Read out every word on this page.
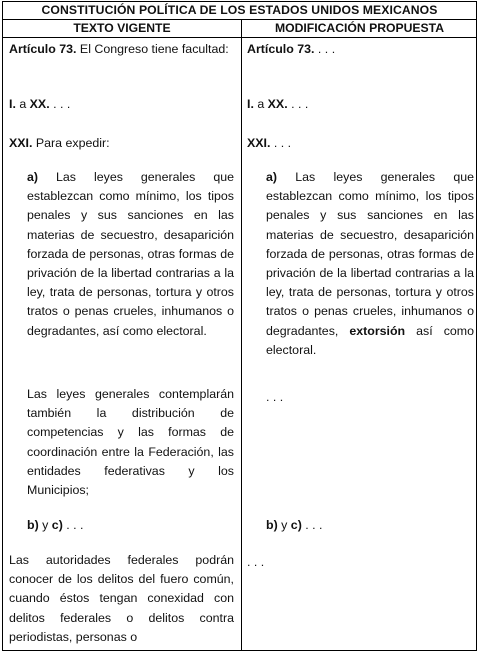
CONSTITUCIÓN POLÍTICA DE LOS ESTADOS UNIDOS MEXICANOS
TEXTO VIGENTE	MODIFICACIÓN PROPUESTA
Artículo 73. El Congreso tiene facultad:
I. a XX. . . .
XXI. Para expedir:
a) Las leyes generales que establezcan como mínimo, los tipos penales y sus sanciones en las materias de secuestro, desaparición forzada de personas, otras formas de privación de la libertad contrarias a la ley, trata de personas, tortura y otros tratos o penas crueles, inhumanos o degradantes, así como electoral.
Las leyes generales contemplarán también la distribución de competencias y las formas de coordinación entre la Federación, las entidades federativas y los Municipios;
b) y c) . . .
Las autoridades federales podrán conocer de los delitos del fuero común, cuando éstos tengan conexidad con delitos federales o delitos contra periodistas, personas o
Artículo 73. . . .
I. a XX. . . .
XXI. . . .
a) Las leyes generales que establezcan como mínimo, los tipos penales y sus sanciones en las materias de secuestro, desaparición forzada de personas, otras formas de privación de la libertad contrarias a la ley, trata de personas, tortura y otros tratos o penas crueles, inhumanos o degradantes, extorsión así como electoral.
. . .
b) y c) . . .
. . .
